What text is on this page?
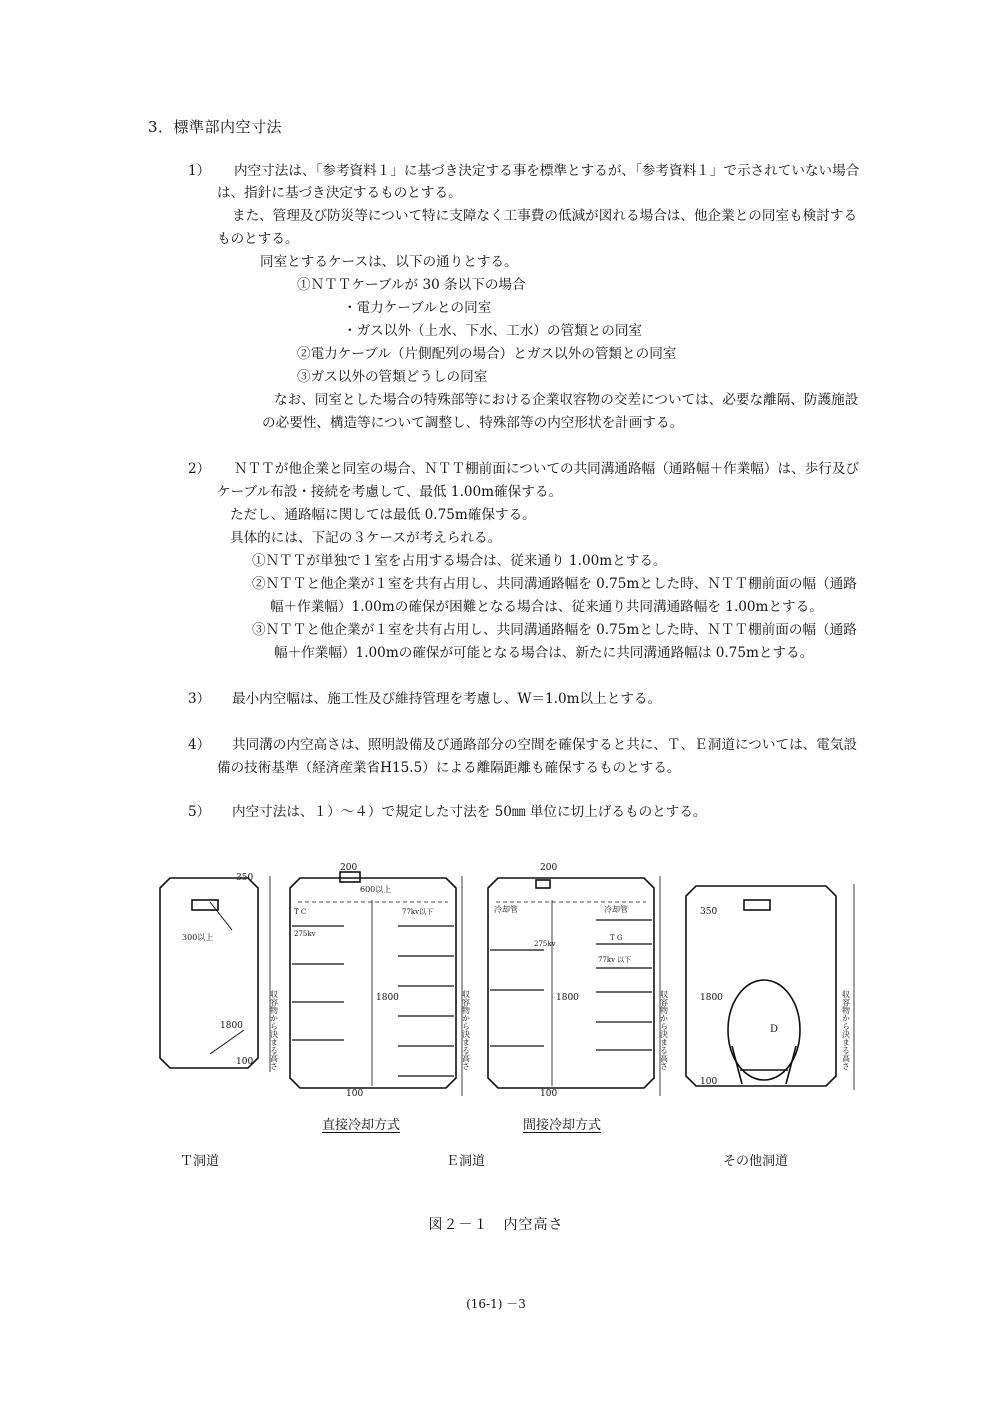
3．標準部内空寸法
1） 内空寸法は、「参考資料１」に基づき決定する事を標準とするが、「参考資料１」で示されていない場合
は、指針に基づき決定するものとする。
また、管理及び防災等について特に支障なく工事費の低減が図れる場合は、他企業との同室も検討する
ものとする。
同室とするケースは、以下の通りとする。
①ＮＴＴケーブルが 30 条以下の場合
・電力ケーブルとの同室
・ガス以外（上水、下水、工水）の管類との同室
②電力ケーブル（片側配列の場合）とガス以外の管類との同室
③ガス以外の管類どうしの同室
なお、同室とした場合の特殊部等における企業収容物の交差については、必要な離隔、防護施設
の必要性、構造等について調整し、特殊部等の内空形状を計画する。
2） ＮＴＴが他企業と同室の場合、ＮＴＴ棚前面についての共同溝通路幅（通路幅＋作業幅）は、歩行及び
ケーブル布設・接続を考慮して、最低 1.00m確保する。
ただし、通路幅に関しては最低 0.75m確保する。
具体的には、下記の３ケースが考えられる。
①ＮＴＴが単独で１室を占用する場合は、従来通り 1.00mとする。
②ＮＴＴと他企業が１室を共有占用し、共同溝通路幅を 0.75mとした時、ＮＴＴ棚前面の幅（通路
幅＋作業幅）1.00mの確保が困難となる場合は、従来通り共同溝通路幅を 1.00mとする。
③ＮＴＴと他企業が１室を共有占用し、共同溝通路幅を 0.75mとした時、ＮＴＴ棚前面の幅（通路
幅＋作業幅）1.00mの確保が可能となる場合は、新たに共同溝通路幅は 0.75mとする。
3） 最小内空幅は、施工性及び維持管理を考慮し、W＝1.0m以上とする。
4） 共同溝の内空高さは、照明設備及び通路部分の空間を確保すると共に、Ｔ、Ｅ洞道については、電気設
備の技術基準（経済産業省H15.5）による離隔距離も確保するものとする。
5） 内空寸法は、１）～４）で規定した寸法を 50㎜ 単位に切上げるものとする。
1800
350
100
300以上
T C
275kv
77kv以下
600以上
1800
200
100
冷却管	冷却管
T G
77kv 以下
275kv
1800
200
100
1800
350
100
D
収容物から決まる高さ	収容物から決まる高さ	収容物から決まる高さ	収容物から決まる高さ
直接冷却方式	間接冷却方式
Ｔ洞道	Ｅ洞道	その他洞道
図２－１　内空高さ
(16-1) －3
